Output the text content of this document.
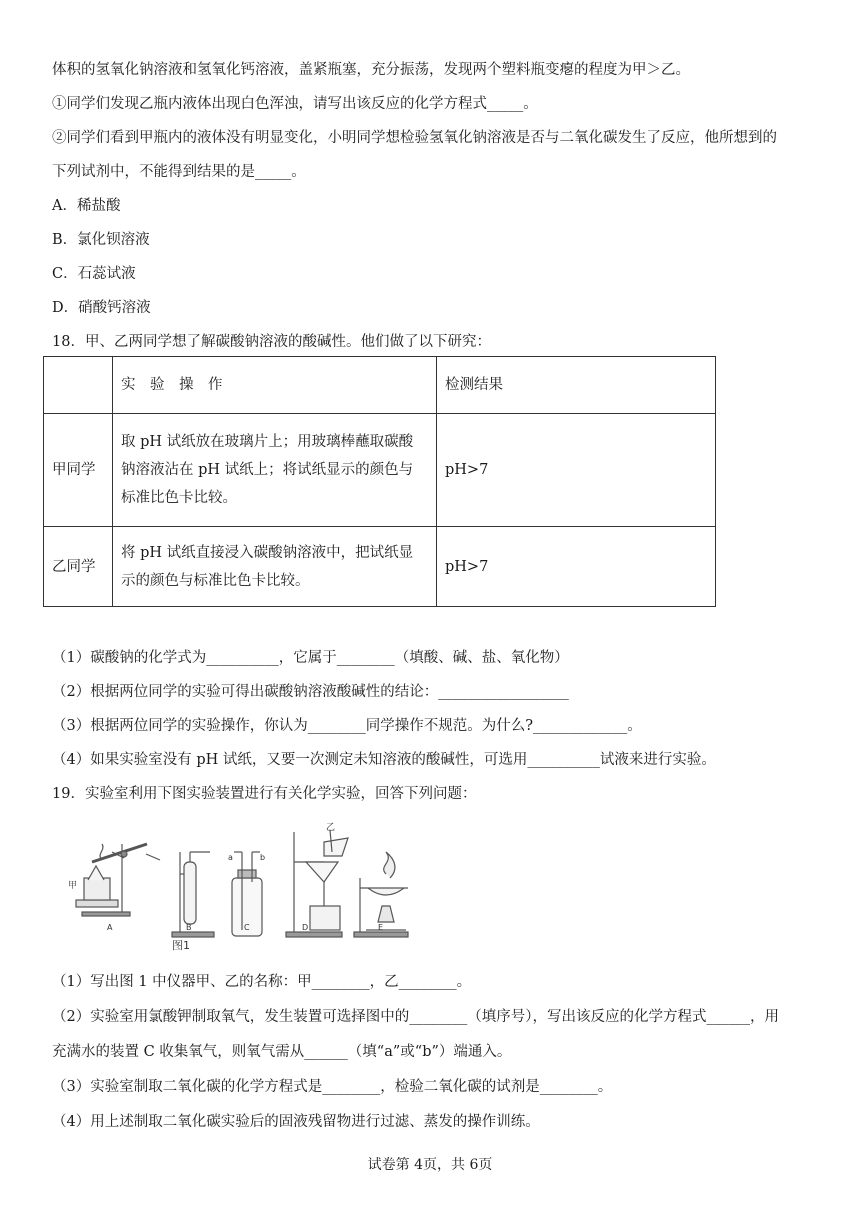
体积的氢氧化钠溶液和氢氧化钙溶液，盖紧瓶塞，充分振荡，发现两个塑料瓶变瘪的程度为甲＞乙。
①同学们发现乙瓶内液体出现白色浑浊，请写出该反应的化学方程式_____。
②同学们看到甲瓶内的液体没有明显变化，小明同学想检验氢氧化钠溶液是否与二氧化碳发生了反应，他所想到的
下列试剂中，不能得到结果的是_____。
A．稀盐酸
B．氯化钡溶液
C．石蕊试液
D．硝酸钙溶液
18．甲、乙两同学想了解碳酸钠溶液的酸碱性。他们做了以下研究：
	实　验　操　作	检测结果
甲同学	取 pH 试纸放在玻璃片上；用玻璃棒蘸取碳酸
钠溶液沾在 pH 试纸上；将试纸显示的颜色与
标准比色卡比较。	pH>7
乙同学	将 pH 试纸直接浸入碳酸钠溶液中，把试纸显
示的颜色与标准比色卡比较。	pH>7
（1）碳酸钠的化学式为__________，它属于________（填酸、碱、盐、氧化物）
（2）根据两位同学的实验可得出碳酸钠溶液酸碱性的结论：__________________
（3）根据两位同学的实验操作，你认为________同学操作不规范。为什么?_____________。
（4）如果实验室没有 pH 试纸，又要一次测定未知溶液的酸碱性，可选用__________试液来进行实验。
19．实验室利用下图实验装置进行有关化学实验，回答下列问题：
甲
乙
a	b
A	B	C	D	E
图1
（1）写出图 1 中仪器甲、乙的名称：甲________，乙________。
（2）实验室用氯酸钾制取氧气，发生装置可选择图中的________（填序号），写出该反应的化学方程式______，用
充满水的装置 C 收集氧气，则氧气需从______（填“a”或“b”）端通入。
（3）实验室制取二氧化碳的化学方程式是________，检验二氧化碳的试剂是________。
（4）用上述制取二氧化碳实验后的固液残留物进行过滤、蒸发的操作训练。
试卷第 4页，共 6页
